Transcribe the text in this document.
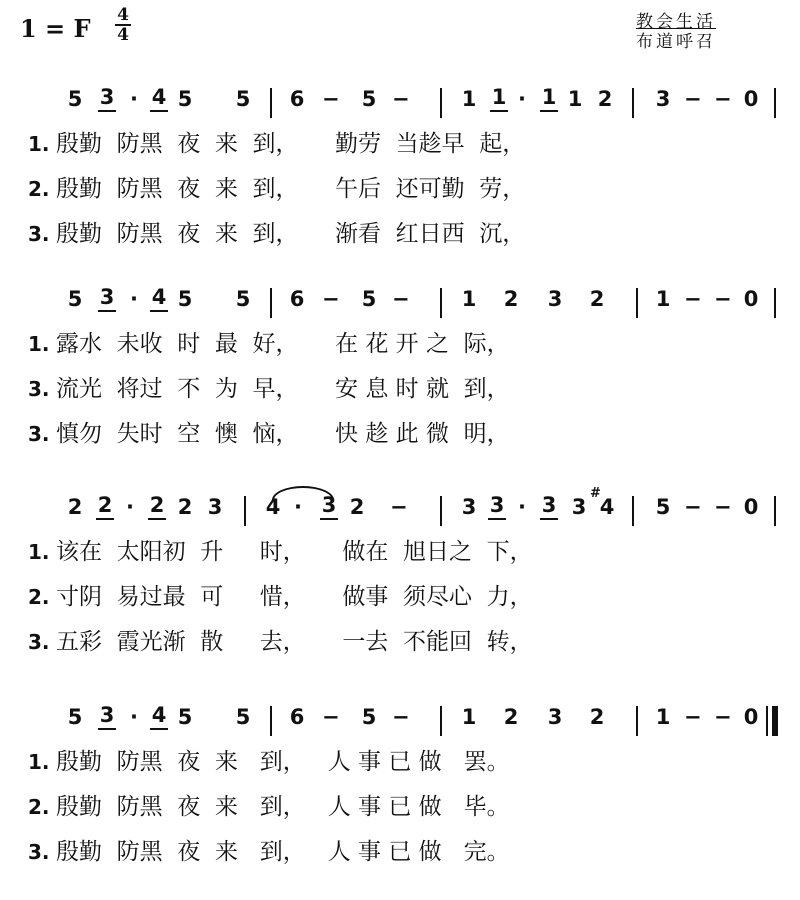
1 = F 4
4
教会生活
布道呼召
5 3 · 4 5 5 6 − 5 − 1 1 · 1 1 2 3 − − 0
1. 殷勤  防黑  夜  来  到，     勤劳  当趁早  起，
2. 殷勤  防黑  夜  来  到，     午后  还可勤  劳，
3. 殷勤  防黑  夜  来  到，     渐看  红日西  沉，
5 3 · 4 5 5 6 − 5 − 1 2 3 2 1 − − 0
1. 露水  未收  时  最  好，     在 花 开 之  际，
3. 流光  将过  不  为  早，     安 息 时 就  到，
3. 慎勿  失时  空  懊  恼，     快 趁 此 微  明，
2 2 · 2 2 3 4 · 3 2 −	3 3 · 3 3
#
4 5 − − 0
1. 该在  太阳初  升     时，     做在  旭日之  下，
2. 寸阴  易过最  可     惜，     做事  须尽心  力，
3. 五彩  霞光渐  散     去，     一去  不能回  转，
5 3 · 4 5 5 6 − 5 − 1 2 3 2 1 − − 0
1. 殷勤  防黑  夜  来   到，   人 事 已 做   罢。
2. 殷勤  防黑  夜  来   到，   人 事 已 做   毕。
3. 殷勤  防黑  夜  来   到，   人 事 已 做   完。
